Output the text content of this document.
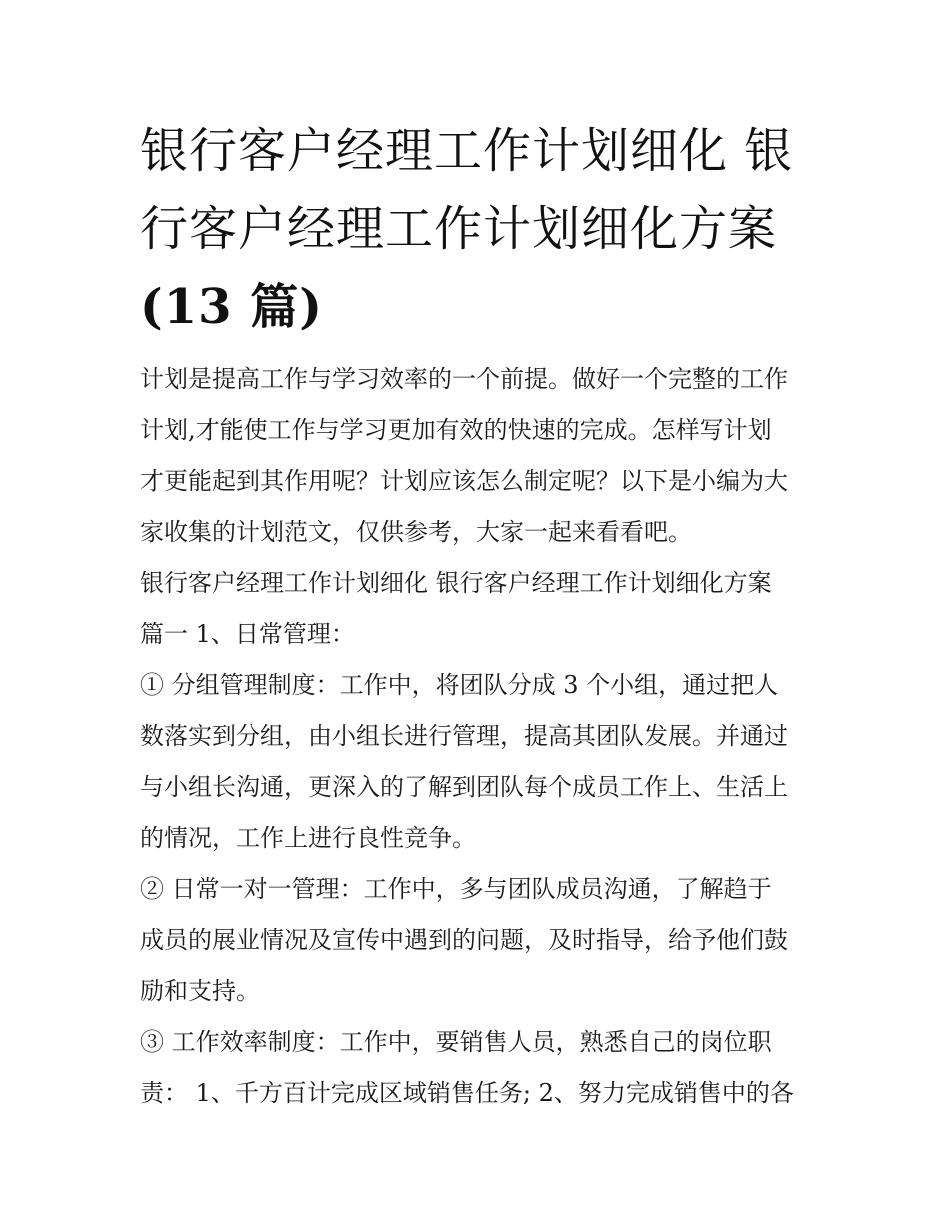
银行客户经理工作计划细化 银
行客户经理工作计划细化方案
(13 篇)
计划是提高工作与学习效率的一个前提。做好一个完整的工作
计划,才能使工作与学习更加有效的快速的完成。怎样写计划
才更能起到其作用呢？计划应该怎么制定呢？以下是小编为大
家收集的计划范文，仅供参考，大家一起来看看吧。
银行客户经理工作计划细化 银行客户经理工作计划细化方案
篇一 1、日常管理：
① 分组管理制度：工作中，将团队分成 3 个小组，通过把人
数落实到分组，由小组长进行管理，提高其团队发展。并通过
与小组长沟通，更深入的了解到团队每个成员工作上、生活上
的情况，工作上进行良性竞争。
② 日常一对一管理：工作中，多与团队成员沟通，了解趋于
成员的展业情况及宣传中遇到的问题，及时指导，给予他们鼓
励和支持。
③ 工作效率制度：工作中，要销售人员，熟悉自己的岗位职
责： 1、千方百计完成区域销售任务; 2、努力完成销售中的各
